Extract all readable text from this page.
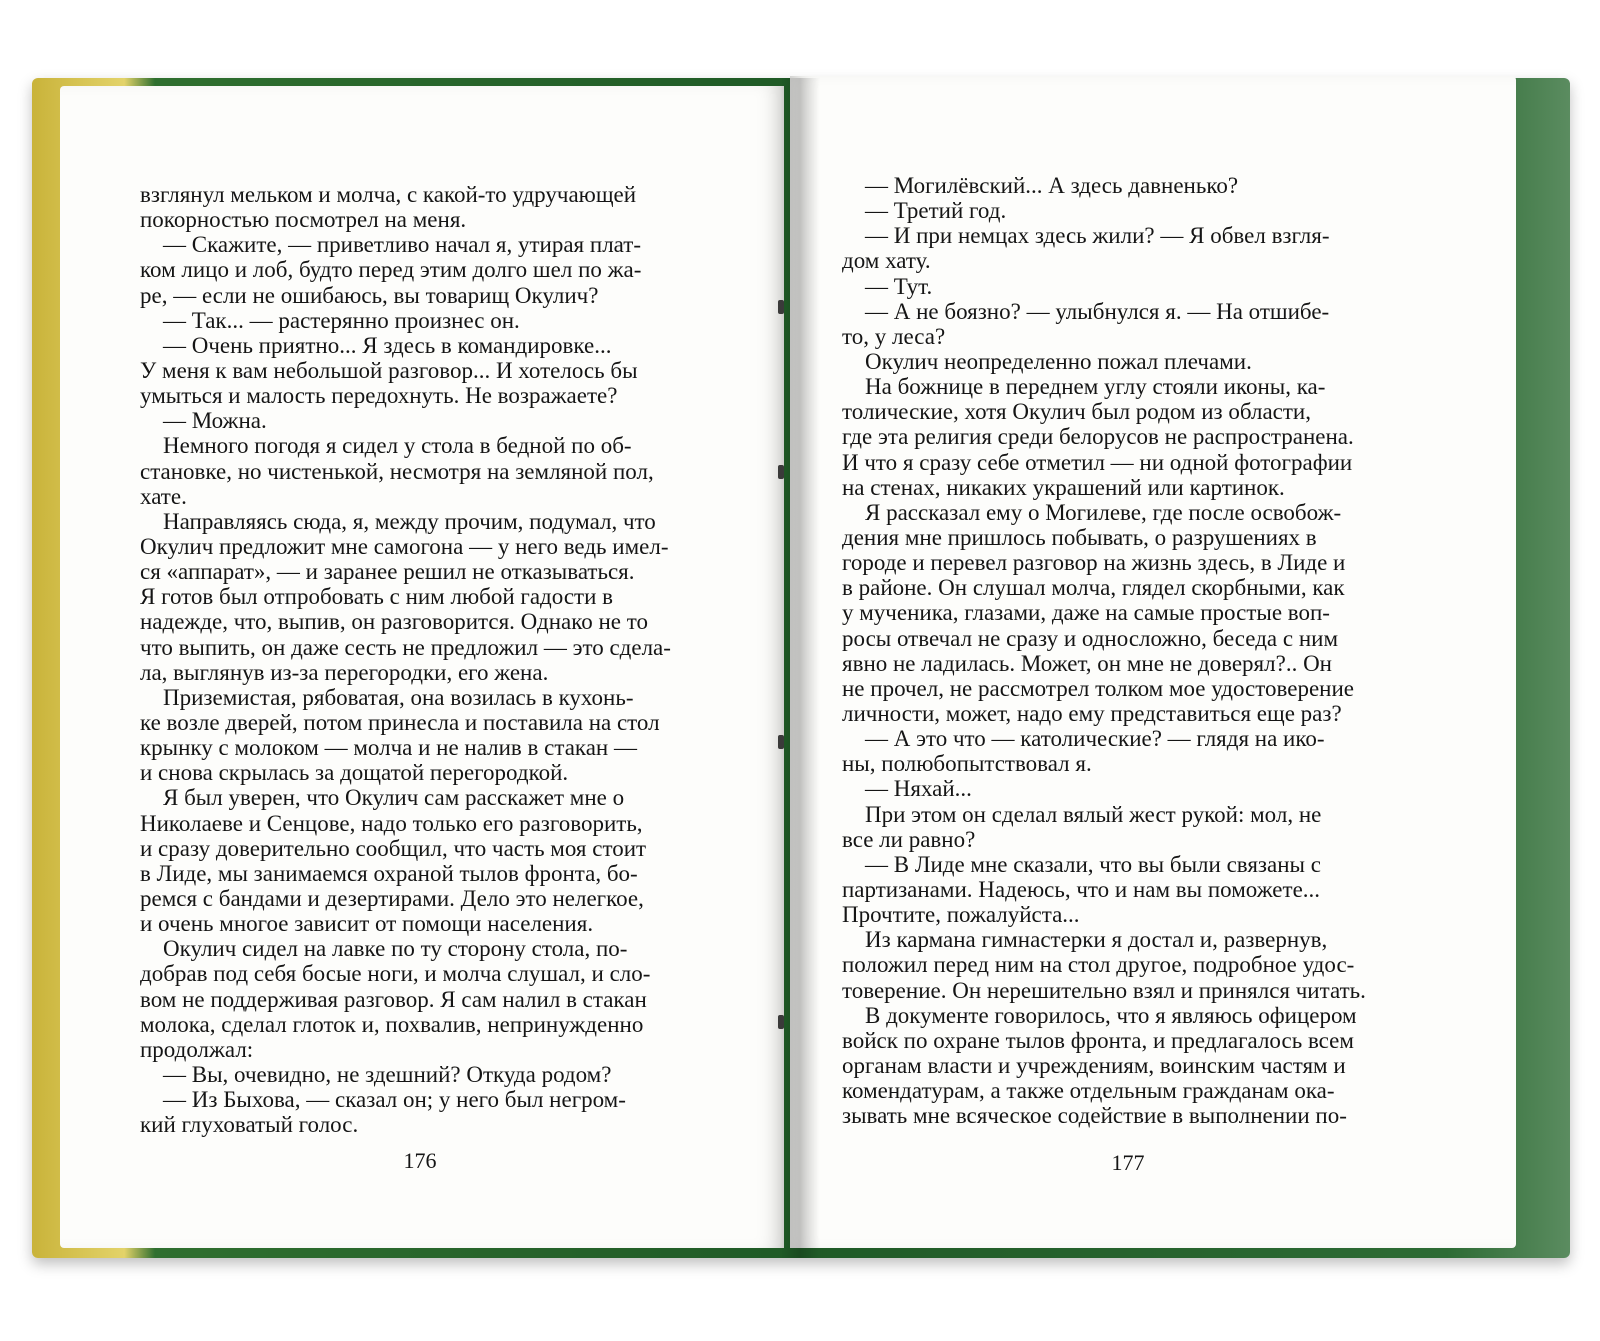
взглянул мельком и молча, с какой-то удручающей
покорностью посмотрел на меня.
— Скажите, — приветливо начал я, утирая плат-
ком лицо и лоб, будто перед этим долго шел по жа-
ре, — если не ошибаюсь, вы товарищ Окулич?
— Так... — растерянно произнес он.
— Очень приятно... Я здесь в командировке...
У меня к вам небольшой разговор... И хотелось бы
умыться и малость передохнуть. Не возражаете?
— Можна.
Немного погодя я сидел у стола в бедной по об-
становке, но чистенькой, несмотря на земляной пол,
хате.
Направляясь сюда, я, между прочим, подумал, что
Окулич предложит мне самогона — у него ведь имел-
ся «аппарат», — и заранее решил не отказываться.
Я готов был отпробовать с ним любой гадости в
надежде, что, выпив, он разговорится. Однако не то
что выпить, он даже сесть не предложил — это сдела-
ла, выглянув из-за перегородки, его жена.
Приземистая, рябоватая, она возилась в кухонь-
ке возле дверей, потом принесла и поставила на стол
крынку с молоком — молча и не налив в стакан —
и снова скрылась за дощатой перегородкой.
Я был уверен, что Окулич сам расскажет мне о
Николаеве и Сенцове, надо только его разговорить,
и сразу доверительно сообщил, что часть моя стоит
в Лиде, мы занимаемся охраной тылов фронта, бо-
ремся с бандами и дезертирами. Дело это нелегкое,
и очень многое зависит от помощи населения.
Окулич сидел на лавке по ту сторону стола, по-
добрав под себя босые ноги, и молча слушал, и сло-
вом не поддерживая разговор. Я сам налил в стакан
молока, сделал глоток и, похвалив, непринужденно
продолжал:
— Вы, очевидно, не здешний? Откуда родом?
— Из Быхова, — сказал он; у него был негром-
кий глуховатый голос.
176
— Могилёвский... А здесь давненько?
— Третий год.
— И при немцах здесь жили? — Я обвел взгля-
дом хату.
— Тут.
— А не боязно? — улыбнулся я. — На отшибе-
то, у леса?
Окулич неопределенно пожал плечами.
На божнице в переднем углу стояли иконы, ка-
толические, хотя Окулич был родом из области,
где эта религия среди белорусов не распространена.
И что я сразу себе отметил — ни одной фотографии
на стенах, никаких украшений или картинок.
Я рассказал ему о Могилеве, где после освобож-
дения мне пришлось побывать, о разрушениях в
городе и перевел разговор на жизнь здесь, в Лиде и
в районе. Он слушал молча, глядел скорбными, как
у мученика, глазами, даже на самые простые воп-
росы отвечал не сразу и односложно, беседа с ним
явно не ладилась. Может, он мне не доверял?.. Он
не прочел, не рассмотрел толком мое удостоверение
личности, может, надо ему представиться еще раз?
— А это что — католические? — глядя на ико-
ны, полюбопытствовал я.
— Няхай...
При этом он сделал вялый жест рукой: мол, не
все ли равно?
— В Лиде мне сказали, что вы были связаны с
партизанами. Надеюсь, что и нам вы поможете...
Прочтите, пожалуйста...
Из кармана гимнастерки я достал и, развернув,
положил перед ним на стол другое, подробное удос-
товерение. Он нерешительно взял и принялся читать.
В документе говорилось, что я являюсь офицером
войск по охране тылов фронта, и предлагалось всем
органам власти и учреждениям, воинским частям и
комендатурам, а также отдельным гражданам ока-
зывать мне всяческое содействие в выполнении по-
177
